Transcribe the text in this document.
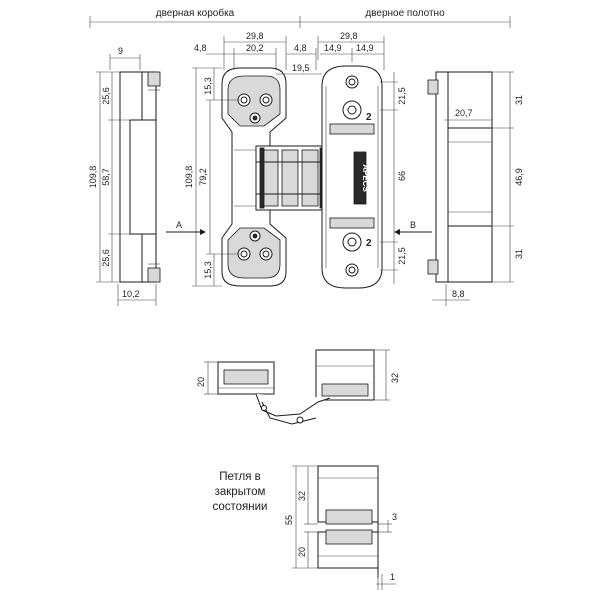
дверная коробка	дверное полотно
9
109,8
25,6
58,7
25,6
10,2
A
APECS
2
2
29,8
20,2
4,8	4,8
19,5
29,8
14,9 14,9
109,8 79,2
15,3
15,3
21,5
66
21,5
B
20,7
31
46,9
31
8,8
20	32
Петля в
закрытом
состоянии
55
32
20
3
1
